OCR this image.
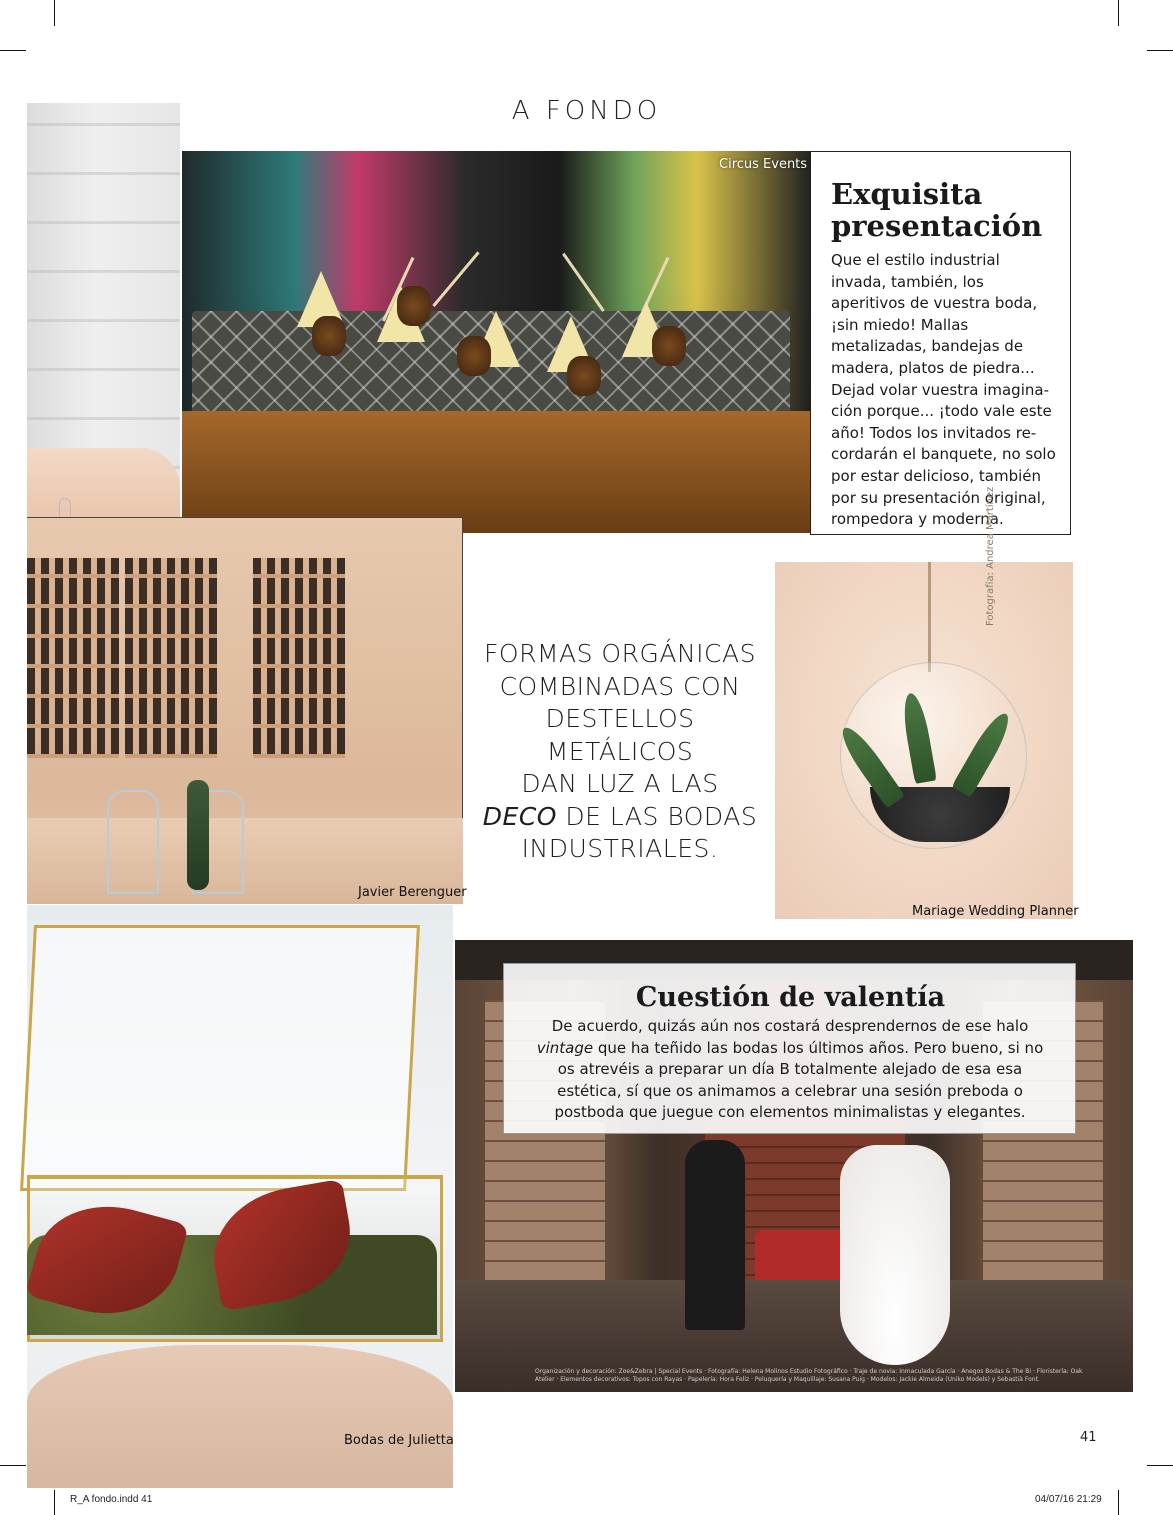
A FONDO
Circus Events
Exquisita presentación
Que el estilo industrial invada, también, los aperitivos de vuestra boda, ¡sin miedo! Mallas metalizadas, bandejas de madera, platos de piedra... Dejad volar vuestra imagina-ción porque... ¡todo vale este año! Todos los invitados re-cordarán el banquete, no solo por estar delicioso, también por su presentación original, rompedora y moderna.
Javier Berenguer
FORMAS ORGÁNICAS
COMBINADAS CON
DESTELLOS METÁLICOS
DAN LUZ A LAS
DECO DE LAS BODAS
INDUSTRIALES.
Mariage Wedding Planner
Fotografía: Andrea Martínez
Bodas de Julietta
Organización y decoración: Zoe&Zebra | Special Events · Fotografía: Helena Molinos Estudio Fotográfico · Traje de novia: Inmaculada García · Anegos Bodas & The Bi · Floristería: Oak Atelier · Elementos decorativos: Topos con Rayas · Papelería: Hora Feliz · Peluquería y Maquillaje: Susana Puig · Modelos: Jackie Almeida (Uniko Models) y Sebastià Font.
Cuestión de valentía
De acuerdo, quizás aún nos costará desprendernos de ese halo vintage que ha teñido las bodas los últimos años. Pero bueno, si no os atrevéis a preparar un día B totalmente alejado de esa esa estética, sí que os animamos a celebrar una sesión preboda o postboda que juegue con elementos minimalistas y elegantes.
41
R_A fondo.indd 41	04/07/16 21:29
